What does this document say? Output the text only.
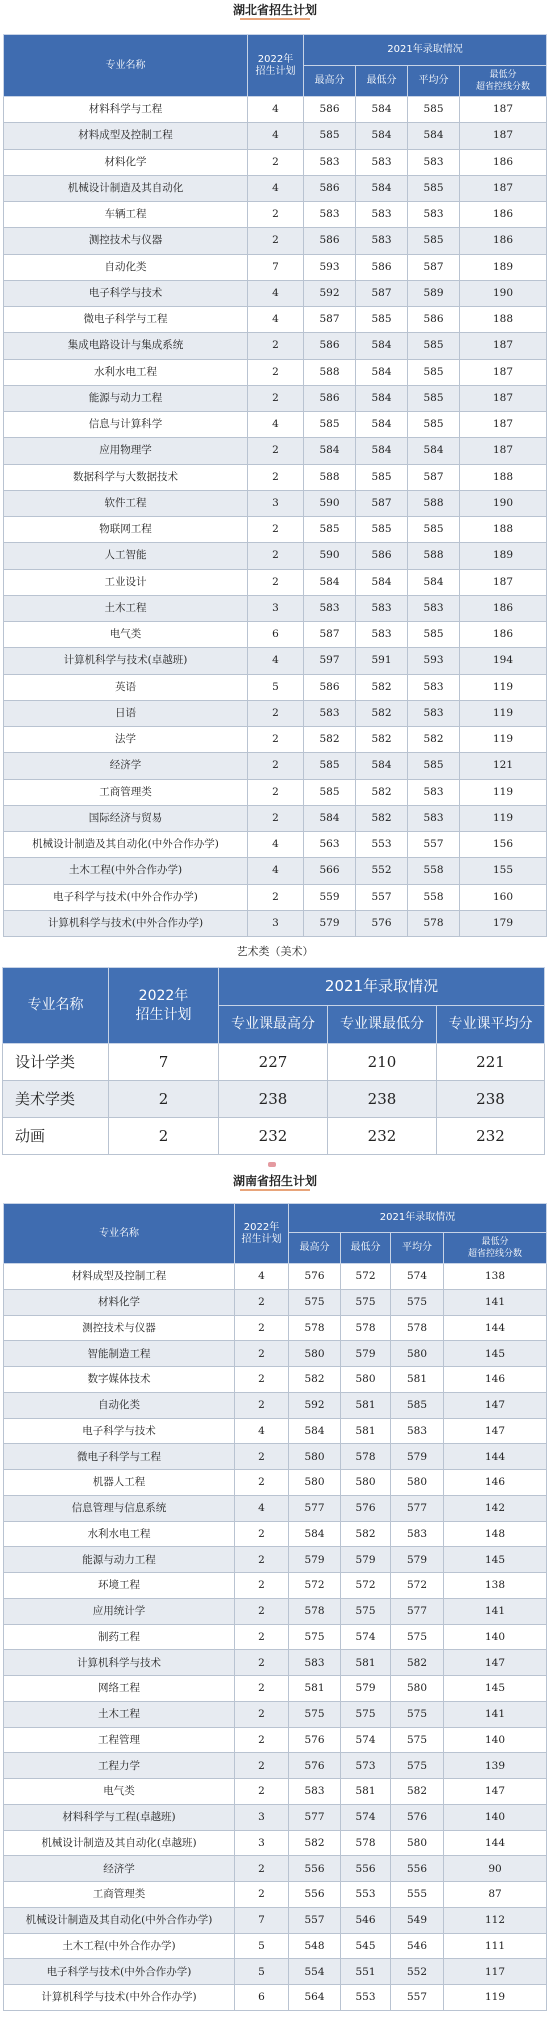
湖北省招生计划
专业名称	2022年
招生计划	2021年录取情况			
		最高分	最低分	平均分	最低分
超省控线分数
材料科学与工程	4	586	584	585	187
材料成型及控制工程	4	585	584	584	187
材料化学	2	583	583	583	186
机械设计制造及其自动化	4	586	584	585	187
车辆工程	2	583	583	583	186
测控技术与仪器	2	586	583	585	186
自动化类	7	593	586	587	189
电子科学与技术	4	592	587	589	190
微电子科学与工程	4	587	585	586	188
集成电路设计与集成系统	2	586	584	585	187
水利水电工程	2	588	584	585	187
能源与动力工程	2	586	584	585	187
信息与计算科学	4	585	584	585	187
应用物理学	2	584	584	584	187
数据科学与大数据技术	2	588	585	587	188
软件工程	3	590	587	588	190
物联网工程	2	585	585	585	188
人工智能	2	590	586	588	189
工业设计	2	584	584	584	187
土木工程	3	583	583	583	186
电气类	6	587	583	585	186
计算机科学与技术(卓越班)	4	597	591	593	194
英语	5	586	582	583	119
日语	2	583	582	583	119
法学	2	582	582	582	119
经济学	2	585	584	585	121
工商管理类	2	585	582	583	119
国际经济与贸易	2	584	582	583	119
机械设计制造及其自动化(中外合作办学)	4	563	553	557	156
土木工程(中外合作办学)	4	566	552	558	155
电子科学与技术(中外合作办学)	2	559	557	558	160
计算机科学与技术(中外合作办学)	3	579	576	578	179
艺术类（美术）
专业名称	2022年
招生计划	2021年录取情况		
		专业课最高分	专业课最低分	专业课平均分
设计学类	7	227	210	221
美术学类	2	238	238	238
动画	2	232	232	232
湖南省招生计划
专业名称	2022年
招生计划	2021年录取情况			
		最高分	最低分	平均分	最低分
超省控线分数
材料成型及控制工程	4	576	572	574	138
材料化学	2	575	575	575	141
测控技术与仪器	2	578	578	578	144
智能制造工程	2	580	579	580	145
数字媒体技术	2	582	580	581	146
自动化类	2	592	581	585	147
电子科学与技术	4	584	581	583	147
微电子科学与工程	2	580	578	579	144
机器人工程	2	580	580	580	146
信息管理与信息系统	4	577	576	577	142
水利水电工程	2	584	582	583	148
能源与动力工程	2	579	579	579	145
环境工程	2	572	572	572	138
应用统计学	2	578	575	577	141
制药工程	2	575	574	575	140
计算机科学与技术	2	583	581	582	147
网络工程	2	581	579	580	145
土木工程	2	575	575	575	141
工程管理	2	576	574	575	140
工程力学	2	576	573	575	139
电气类	2	583	581	582	147
材料科学与工程(卓越班)	3	577	574	576	140
机械设计制造及其自动化(卓越班)	3	582	578	580	144
经济学	2	556	556	556	90
工商管理类	2	556	553	555	87
机械设计制造及其自动化(中外合作办学)	7	557	546	549	112
土木工程(中外合作办学)	5	548	545	546	111
电子科学与技术(中外合作办学)	5	554	551	552	117
计算机科学与技术(中外合作办学)	6	564	553	557	119
